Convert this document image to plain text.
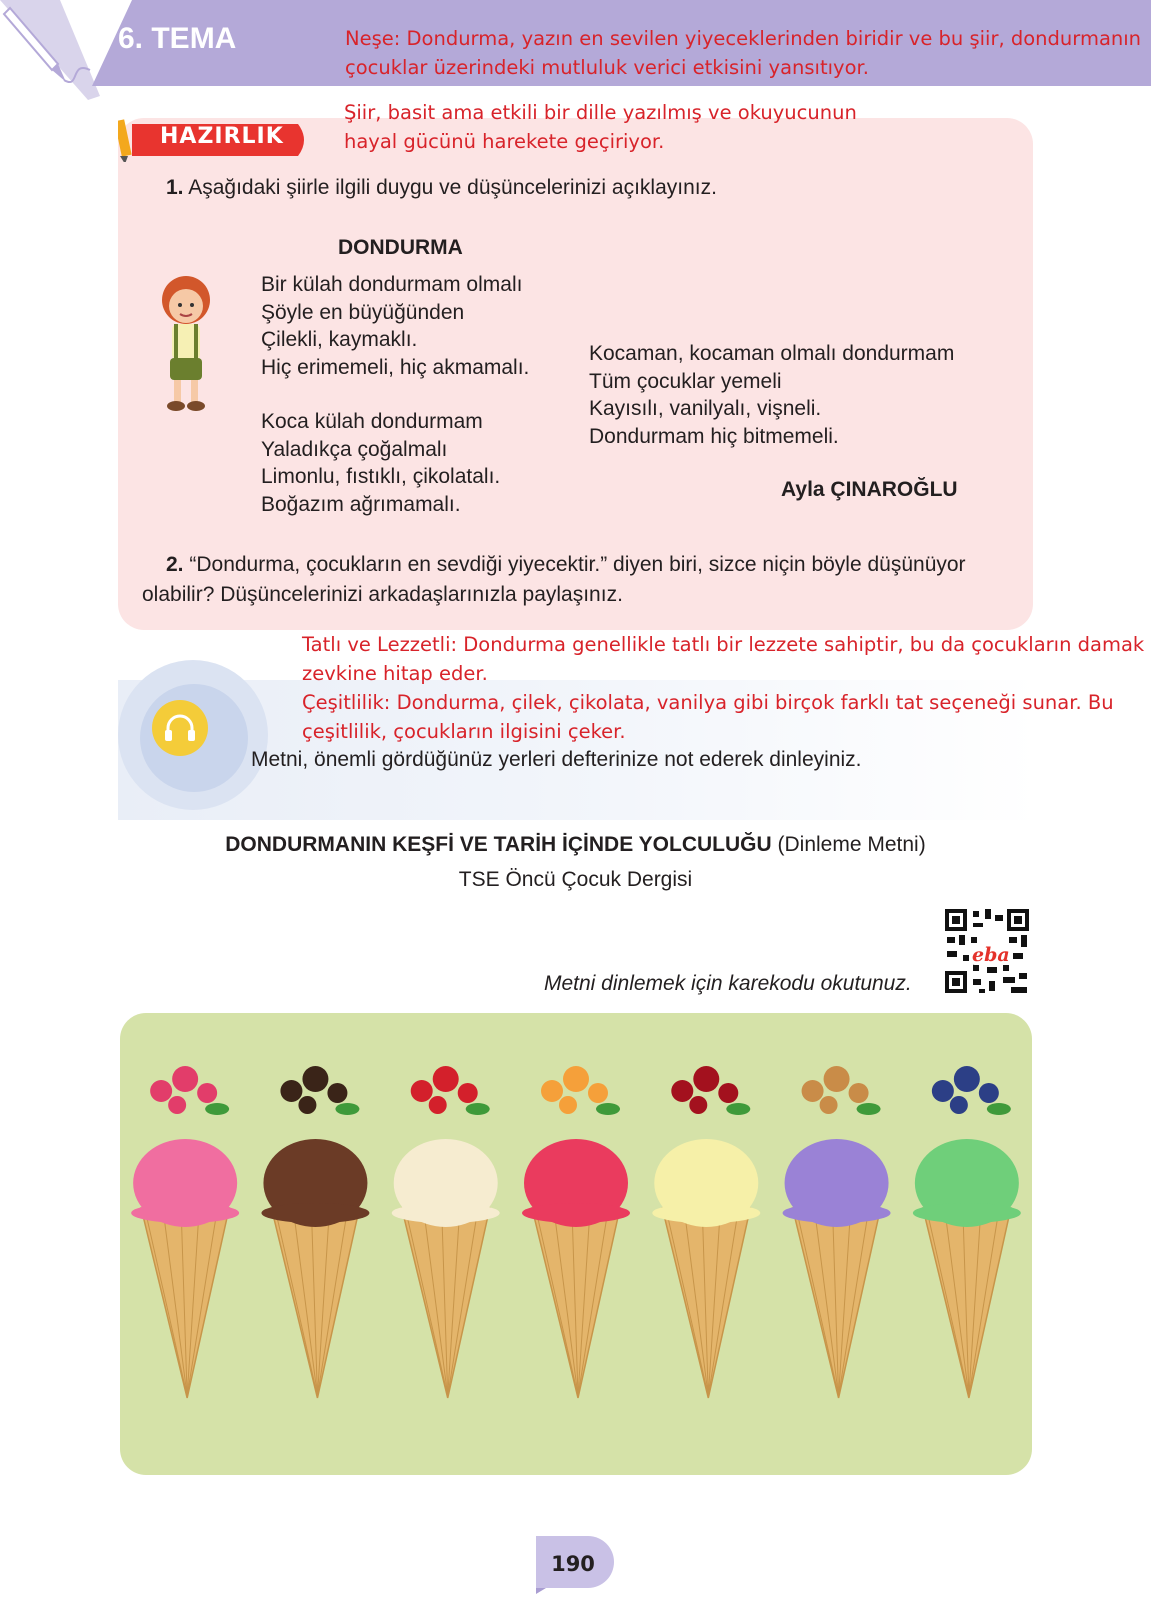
6. TEMA	Neşe: Dondurma, yazın en sevilen yiyeceklerinden biridir ve bu şiir, dondurmanın çocuklar üzerindeki mutluluk verici etkisini yansıtıyor.
HAZIRLIK
Şiir, basit ama etkili bir dille yazılmış ve okuyucunun hayal gücünü harekete geçiriyor.
1. Aşağıdaki şiirle ilgili duygu ve düşüncelerinizi açıklayınız.
DONDURMA
Bir külah dondurmam olmalı
Şöyle en büyüğünden
Çilekli, kaymaklı.
Hiç erimemeli, hiç akmamalı.
Koca külah dondurmam
Yaladıkça çoğalmalı
Limonlu, fıstıklı, çikolatalı.
Boğazım ağrımamalı.
Kocaman, kocaman olmalı dondurmam
Tüm çocuklar yemeli
Kayısılı, vanilyalı, vişneli.
Dondurmam hiç bitmemeli.
Ayla ÇINAROĞLU
2. “Dondurma, çocukların en sevdiği yiyecektir.” diyen biri, sizce niçin böyle düşünüyor olabilir? Düşüncelerinizi arkadaşlarınızla paylaşınız.
Tatlı ve Lezzetli: Dondurma genellikle tatlı bir lezzete sahiptir, bu da çocukların damak
zevkine hitap eder.
Çeşitlilik: Dondurma, çilek, çikolata, vanilya gibi birçok farklı tat seçeneği sunar. Bu
çeşitlilik, çocukların ilgisini çeker.
Metni, önemli gördüğünüz yerleri defterinize not ederek dinleyiniz.
DONDURMANIN KEŞFİ VE TARİH İÇİNDE YOLCULUĞU (Dinleme Metni)
TSE Öncü Çocuk Dergisi
eba
Metni dinlemek için karekodu okutunuz.
190
